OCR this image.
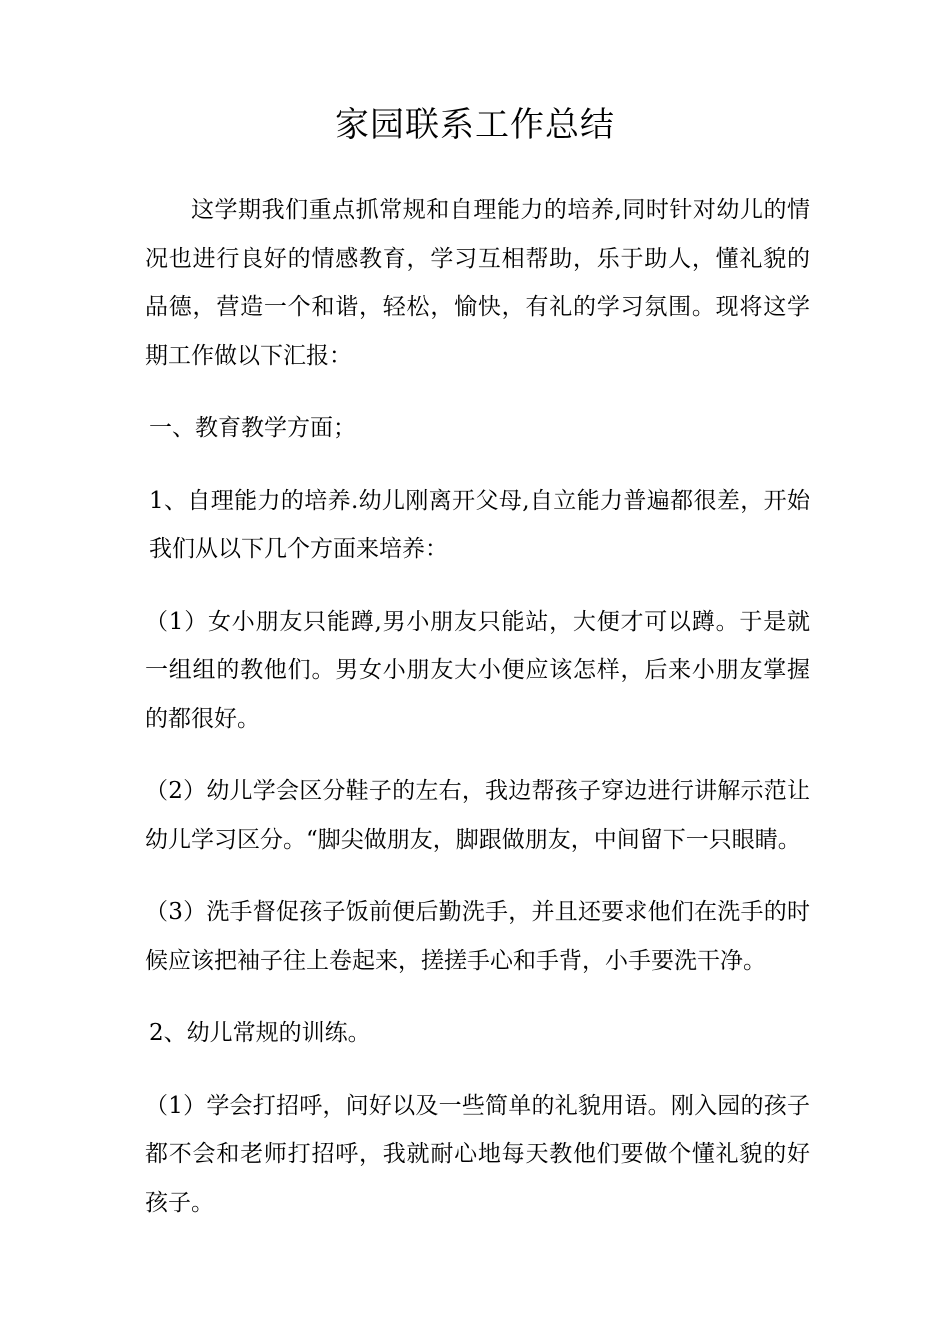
家园联系工作总结

这学期我们重点抓常规和自理能力的培养,同时针对幼儿的情况也进行良好的情感教育，学习互相帮助，乐于助人，懂礼貌的品德，营造一个和谐，轻松，愉快，有礼的学习氛围。现将这学期工作做以下汇报：

一、教育教学方面；

1、自理能力的培养.幼儿刚离开父母,自立能力普遍都很差，开始我们从以下几个方面来培养：

（1）女小朋友只能蹲,男小朋友只能站，大便才可以蹲。于是就一组组的教他们。男女小朋友大小便应该怎样，后来小朋友掌握的都很好。

（2）幼儿学会区分鞋子的左右，我边帮孩子穿边进行讲解示范让幼儿学习区分。“脚尖做朋友，脚跟做朋友，中间留下一只眼睛。

（3）洗手督促孩子饭前便后勤洗手，并且还要求他们在洗手的时候应该把袖子往上卷起来，搓搓手心和手背，小手要洗干净。

2、幼儿常规的训练。

（1）学会打招呼，问好以及一些简单的礼貌用语。刚入园的孩子都不会和老师打招呼，我就耐心地每天教他们要做个懂礼貌的好孩子。
